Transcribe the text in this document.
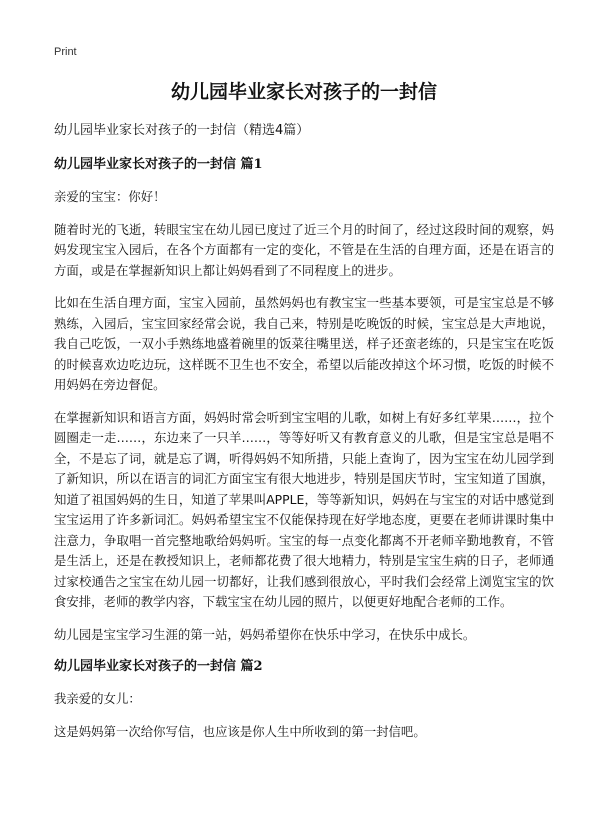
Print
幼儿园毕业家长对孩子的一封信
幼儿园毕业家长对孩子的一封信（精选4篇）
幼儿园毕业家长对孩子的一封信 篇1

亲爱的宝宝：你好！

随着时光的飞逝，转眼宝宝在幼儿园已度过了近三个月的时间了，经过这段时间的观察，妈妈发现宝宝入园后，在各个方面都有一定的变化，不管是在生活的自理方面，还是在语言的方面，或是在掌握新知识上都让妈妈看到了不同程度上的进步。

比如在生活自理方面，宝宝入园前，虽然妈妈也有教宝宝一些基本要领，可是宝宝总是不够熟练，入园后，宝宝回家经常会说，我自己来，特别是吃晚饭的时候，宝宝总是大声地说，我自己吃饭，一双小手熟练地盛着碗里的饭菜往嘴里送，样子还蛮老练的，只是宝宝在吃饭的时候喜欢边吃边玩，这样既不卫生也不安全，希望以后能改掉这个坏习惯，吃饭的时候不用妈妈在旁边督促。

在掌握新知识和语言方面，妈妈时常会听到宝宝唱的儿歌，如树上有好多红苹果……，拉个圆圈走一走……，东边来了一只羊……，等等好听又有教育意义的儿歌，但是宝宝总是唱不全，不是忘了词，就是忘了调，听得妈妈不知所措，只能上查询了，因为宝宝在幼儿园学到了新知识，所以在语言的词汇方面宝宝有很大地进步，特别是国庆节时，宝宝知道了国旗，知道了祖国妈妈的生日，知道了苹果叫APPLE，等等新知识，妈妈在与宝宝的对话中感觉到宝宝运用了许多新词汇。妈妈希望宝宝不仅能保持现在好学地态度，更要在老师讲课时集中注意力，争取唱一首完整地歌给妈妈听。宝宝的每一点变化都离不开老师辛勤地教育，不管是生活上，还是在教授知识上，老师都花费了很大地精力，特别是宝宝生病的日子，老师通过家校通告之宝宝在幼儿园一切都好，让我们感到很放心，平时我们会经常上浏览宝宝的饮食安排，老师的教学内容，下载宝宝在幼儿园的照片，以便更好地配合老师的工作。

幼儿园是宝宝学习生涯的第一站，妈妈希望你在快乐中学习，在快乐中成长。

幼儿园毕业家长对孩子的一封信 篇2

我亲爱的女儿：

这是妈妈第一次给你写信，也应该是你人生中所收到的第一封信吧。
